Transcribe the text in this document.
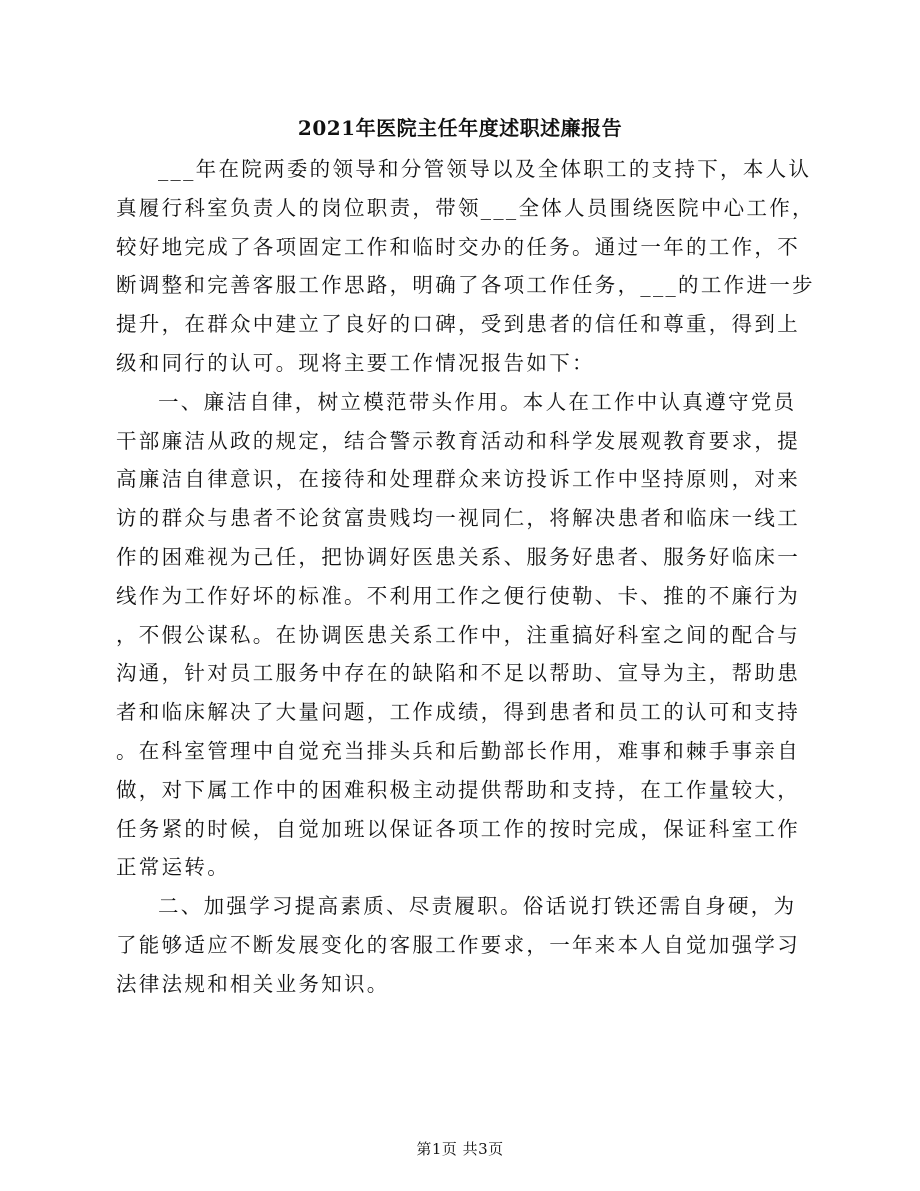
2021年医院主任年度述职述廉报告
___年在院两委的领导和分管领导以及全体职工的支持下，本人认
真履行科室负责人的岗位职责，带领___全体人员围绕医院中心工作，
较好地完成了各项固定工作和临时交办的任务。通过一年的工作，不
断调整和完善客服工作思路，明确了各项工作任务，___的工作进一步
提升，在群众中建立了良好的口碑，受到患者的信任和尊重，得到上
级和同行的认可。现将主要工作情况报告如下：
一、廉洁自律，树立模范带头作用。本人在工作中认真遵守党员
干部廉洁从政的规定，结合警示教育活动和科学发展观教育要求，提
高廉洁自律意识，在接待和处理群众来访投诉工作中坚持原则，对来
访的群众与患者不论贫富贵贱均一视同仁，将解决患者和临床一线工
作的困难视为己任，把协调好医患关系、服务好患者、服务好临床一
线作为工作好坏的标准。不利用工作之便行使勒、卡、推的不廉行为
，不假公谋私。在协调医患关系工作中，注重搞好科室之间的配合与
沟通，针对员工服务中存在的缺陷和不足以帮助、宣导为主，帮助患
者和临床解决了大量问题，工作成绩，得到患者和员工的认可和支持
。在科室管理中自觉充当排头兵和后勤部长作用，难事和棘手事亲自
做，对下属工作中的困难积极主动提供帮助和支持，在工作量较大，
任务紧的时候，自觉加班以保证各项工作的按时完成，保证科室工作
正常运转。
二、加强学习提高素质、尽责履职。俗话说打铁还需自身硬，为
了能够适应不断发展变化的客服工作要求，一年来本人自觉加强学习
法律法规和相关业务知识。
第1页 共3页
